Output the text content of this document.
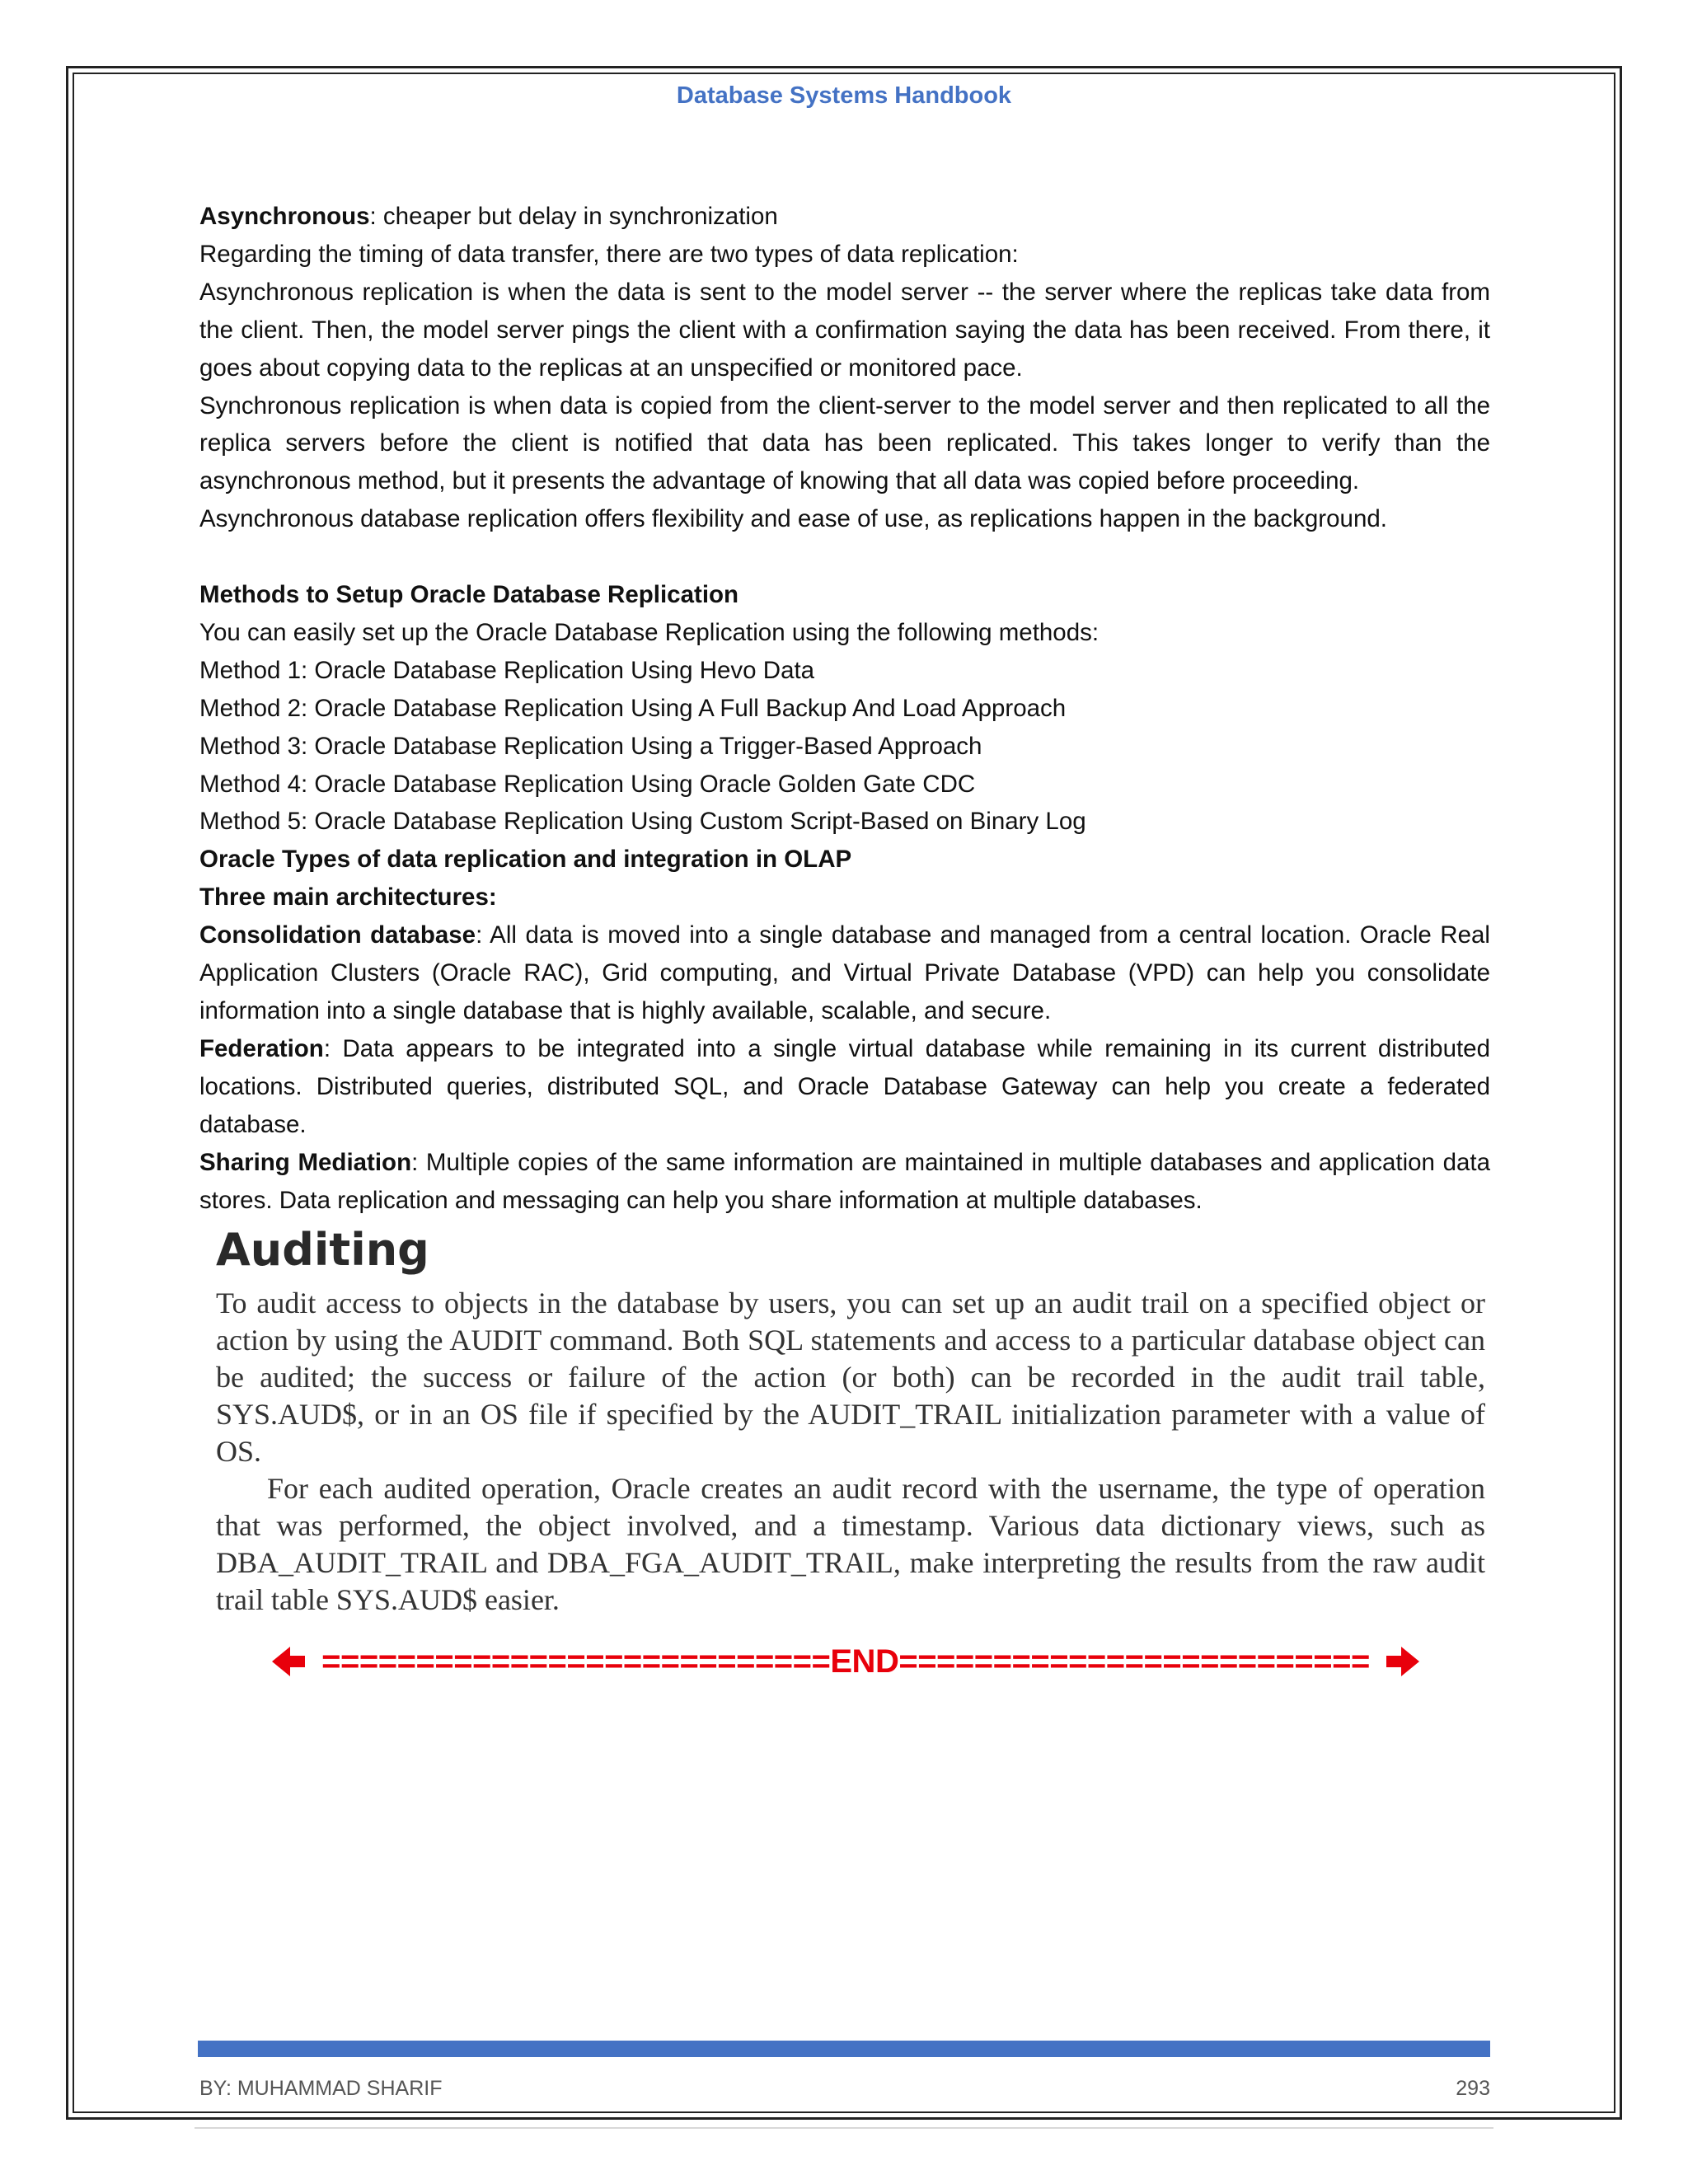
Database Systems Handbook

Asynchronous: cheaper but delay in synchronization

Regarding the timing of data transfer, there are two types of data replication:

Asynchronous replication is when the data is sent to the model server -- the server where the replicas take data from the client. Then, the model server pings the client with a confirmation saying the data has been received. From there, it goes about copying data to the replicas at an unspecified or monitored pace.

Synchronous replication is when data is copied from the client-server to the model server and then replicated to all the replica servers before the client is notified that data has been replicated. This takes longer to verify than the asynchronous method, but it presents the advantage of knowing that all data was copied before proceeding.

Asynchronous database replication offers flexibility and ease of use, as replications happen in the background.

Methods to Setup Oracle Database Replication

You can easily set up the Oracle Database Replication using the following methods:

Method 1: Oracle Database Replication Using Hevo Data

Method 2: Oracle Database Replication Using A Full Backup And Load Approach

Method 3: Oracle Database Replication Using a Trigger-Based Approach

Method 4: Oracle Database Replication Using Oracle Golden Gate CDC

Method 5: Oracle Database Replication Using Custom Script-Based on Binary Log

Oracle Types of data replication and integration in OLAP

Three main architectures:

Consolidation database: All data is moved into a single database and managed from a central location. Oracle Real Application Clusters (Oracle RAC), Grid computing, and Virtual Private Database (VPD) can help you consolidate information into a single database that is highly available, scalable, and secure.

Federation: Data appears to be integrated into a single virtual database while remaining in its current distributed locations. Distributed queries, distributed SQL, and Oracle Database Gateway can help you create a federated database.

Sharing Mediation: Multiple copies of the same information are maintained in multiple databases and application data stores. Data replication and messaging can help you share information at multiple databases.

Auditing

To audit access to objects in the database by users, you can set up an audit trail on a specified object or action by using the AUDIT command. Both SQL statements and access to a particular database object can be audited; the success or failure of the action (or both) can be recorded in the audit trail table, SYS.AUD$, or in an OS file if specified by the AUDIT_TRAIL initialization parameter with a value of OS.

For each audited operation, Oracle creates an audit record with the username, the type of operation that was performed, the object involved, and a timestamp. Various data dictionary views, such as DBA_AUDIT_TRAIL and DBA_FGA_AUDIT_TRAIL, make interpreting the results from the raw audit trail table SYS.AUD$ easier.

===========================END=========================
BY: MUHAMMAD SHARIF	293
